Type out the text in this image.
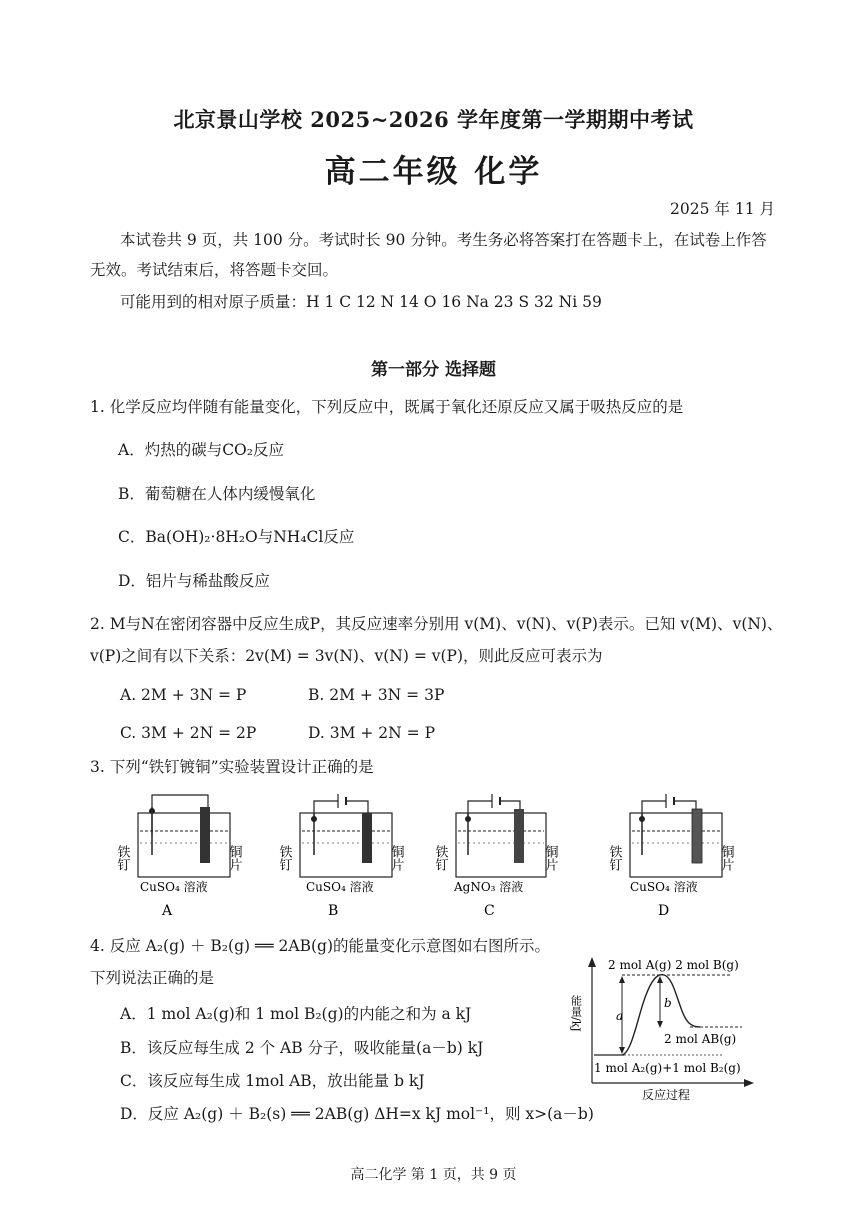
北京景山学校 2025~2026 学年度第一学期期中考试
高二年级 化学
2025 年 11 月
本试卷共 9 页，共 100 分。考试时长 90 分钟。考生务必将答案打在答题卡上，在试卷上作答
无效。考试结束后，将答题卡交回。
可能用到的相对原子质量：H 1 C 12 N 14 O 16 Na 23 S 32 Ni 59
第一部分 选择题
1. 化学反应均伴随有能量变化，下列反应中，既属于氧化还原反应又属于吸热反应的是
A．灼热的碳与CO₂反应
B．葡萄糖在人体内缓慢氧化
C．Ba(OH)₂·8H₂O与NH₄Cl反应
D．铝片与稀盐酸反应
2. M与N在密闭容器中反应生成P，其反应速率分别用 v(M)、v(N)、v(P)表示。已知 v(M)、v(N)、
v(P)之间有以下关系：2v(M) = 3v(N)、v(N) = v(P)，则此反应可表示为
A. 2M + 3N = P	B. 2M + 3N = 3P
C. 3M + 2N = 2P	D. 3M + 2N = P
3. 下列“铁钉镀铜”实验装置设计正确的是
铁钉	铜片
CuSO₄ 溶液
A
铁钉	铜片
CuSO₄ 溶液
B
铁钉	铜片
AgNO₃ 溶液
C
铁钉	铜片
CuSO₄ 溶液
D
4. 反应 A₂(g) ＋ B₂(g) ══ 2AB(g)的能量变化示意图如右图所示。
下列说法正确的是
A．1 mol A₂(g)和 1 mol B₂(g)的内能之和为 a kJ
B．该反应每生成 2 个 AB 分子，吸收能量(a－b) kJ
C．该反应每生成 1mol AB，放出能量 b kJ
D．反应 A₂(g) ＋ B₂(s) ══ 2AB(g) ΔH=x kJ mol⁻¹，则 x>(a－b)
能量/kJ
反应过程
2 mol A(g) 2 mol B(g)
a
b
2 mol AB(g)
1 mol A₂(g)+1 mol B₂(g)
高二化学 第 1 页，共 9 页
